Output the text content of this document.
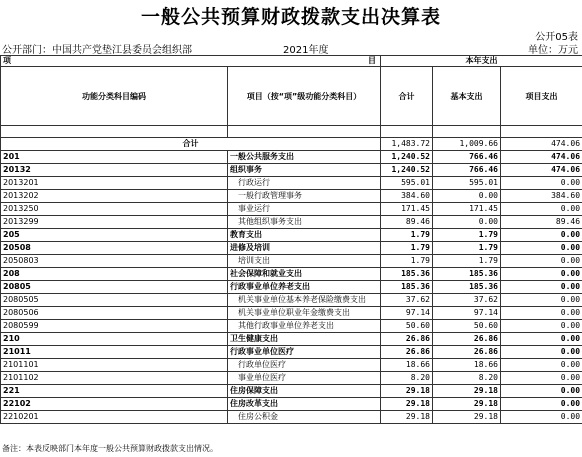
一般公共预算财政拨款支出决算表
公开05表
公开部门：中国共产党垫江县委员会组织部	2021年度	单位：万元
项 目		本年支出		
功能分类科目编码	项目（按“项”级功能分类科目）	合计	基本支出	项目支出

合计		1,483.72	1,009.66	474.06
201	一般公共服务支出	1,240.52	766.46	474.06
20132	组织事务	1,240.52	766.46	474.06
2013201	行政运行	595.01	595.01	0.00
2013202	一般行政管理事务	384.60	0.00	384.60
2013250	事业运行	171.45	171.45	0.00
2013299	其他组织事务支出	89.46	0.00	89.46
205	教育支出	1.79	1.79	0.00
20508	进修及培训	1.79	1.79	0.00
2050803	培训支出	1.79	1.79	0.00
208	社会保障和就业支出	185.36	185.36	0.00
20805	行政事业单位养老支出	185.36	185.36	0.00
2080505	机关事业单位基本养老保险缴费支出	37.62	37.62	0.00
2080506	机关事业单位职业年金缴费支出	97.14	97.14	0.00
2080599	其他行政事业单位养老支出	50.60	50.60	0.00
210	卫生健康支出	26.86	26.86	0.00
21011	行政事业单位医疗	26.86	26.86	0.00
2101101	行政单位医疗	18.66	18.66	0.00
2101102	事业单位医疗	8.20	8.20	0.00
221	住房保障支出	29.18	29.18	0.00
22102	住房改革支出	29.18	29.18	0.00
2210201	住房公积金	29.18	29.18	0.00
备注：本表反映部门本年度一般公共预算财政拨款支出情况。
